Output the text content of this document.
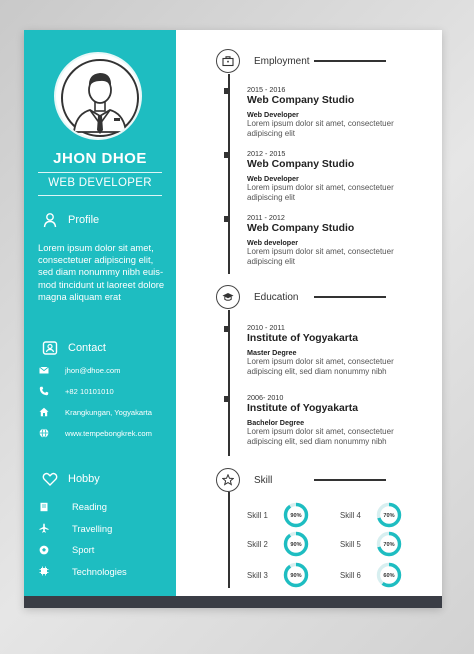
JHON DHOE
WEB DEVELOPER
Profile
Lorem ipsum dolor sit amet, consectetuer adipiscing elit, sed diam nonummy nibh euis-mod tincidunt ut laoreet dolore magna aliquam erat
Contact
jhon@dhoe.com
+82 10101010
Krangkungan, Yogyakarta
www.tempebongkrek.com
Hobby
Reading
Travelling
Sport
Technologies
Employment
2015 - 2016
Web Company Studio
Web Developer
Lorem ipsum dolor sit amet, consectetuer adipiscing elit
2012 - 2015
Web Company Studio
Web Developer
Lorem ipsum dolor sit amet, consectetuer adipiscing elit
2011 - 2012
Web Company Studio
Web developer
Lorem ipsum dolor sit amet, consectetuer adipiscing elit
Education
2010 - 2011
Institute of Yogyakarta
Master Degree
Lorem ipsum dolor sit amet, consectetuer adipiscing elit, sed diam nonummy nibh
2006- 2010
Institute of Yogyakarta
Bachelor Degree
Lorem ipsum dolor sit amet, consectetuer adipiscing elit, sed diam nonummy nibh
Skill
Skill 1	90%	Skill 4	70%
Skill 2	90%	Skill 5	70%
Skill 3	90%	Skill 6	60%
